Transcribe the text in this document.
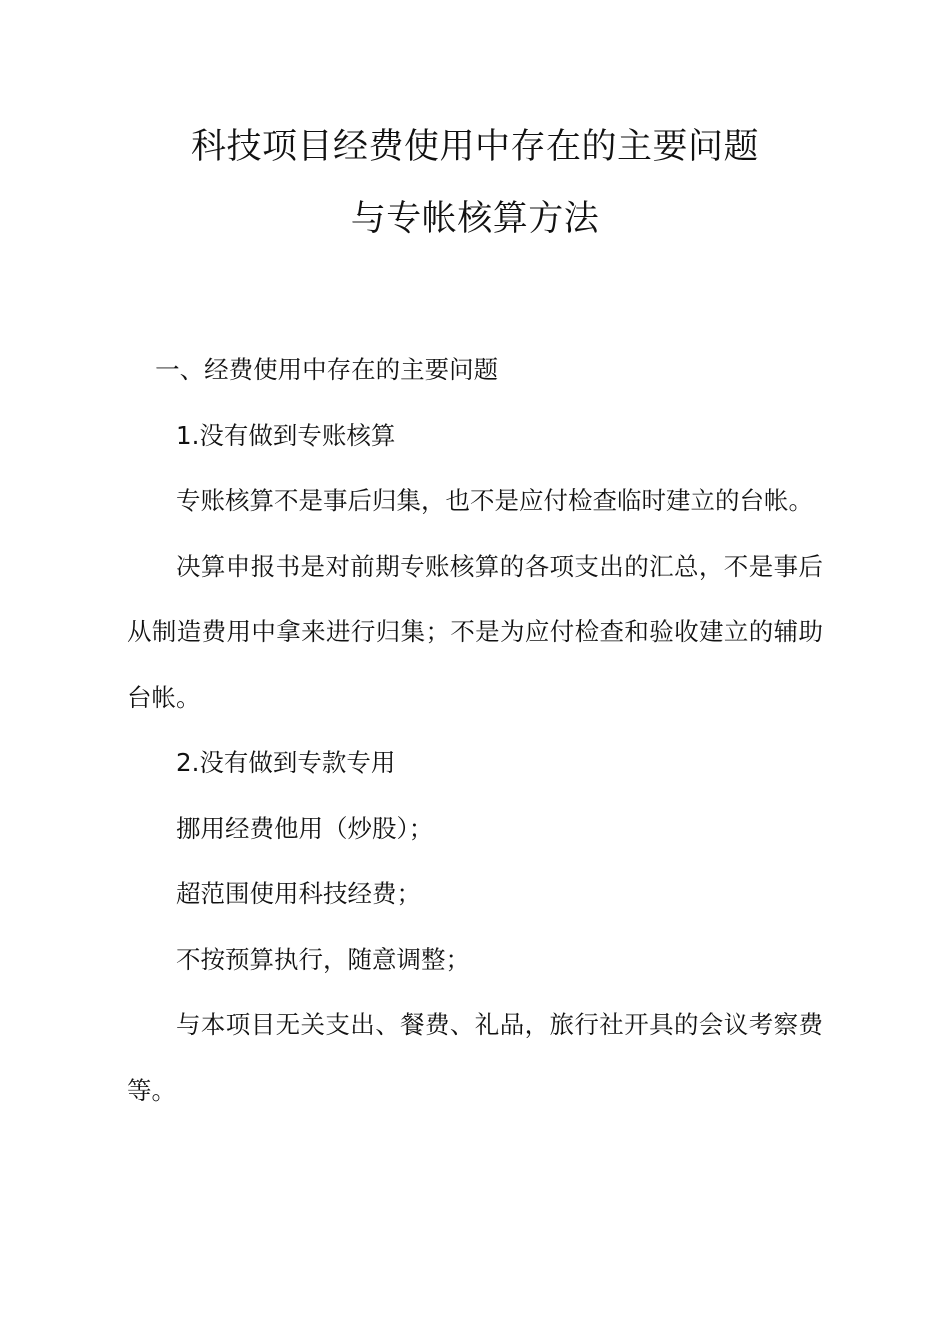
科技项目经费使用中存在的主要问题
与专帐核算方法

一、经费使用中存在的主要问题

1.没有做到专账核算

专账核算不是事后归集，也不是应付检查临时建立的台帐。

决算申报书是对前期专账核算的各项支出的汇总，不是事后从制造费用中拿来进行归集；不是为应付检查和验收建立的辅助台帐。

2.没有做到专款专用

挪用经费他用（炒股）；

超范围使用科技经费；

不按预算执行，随意调整；

与本项目无关支出、餐费、礼品，旅行社开具的会议考察费等。
